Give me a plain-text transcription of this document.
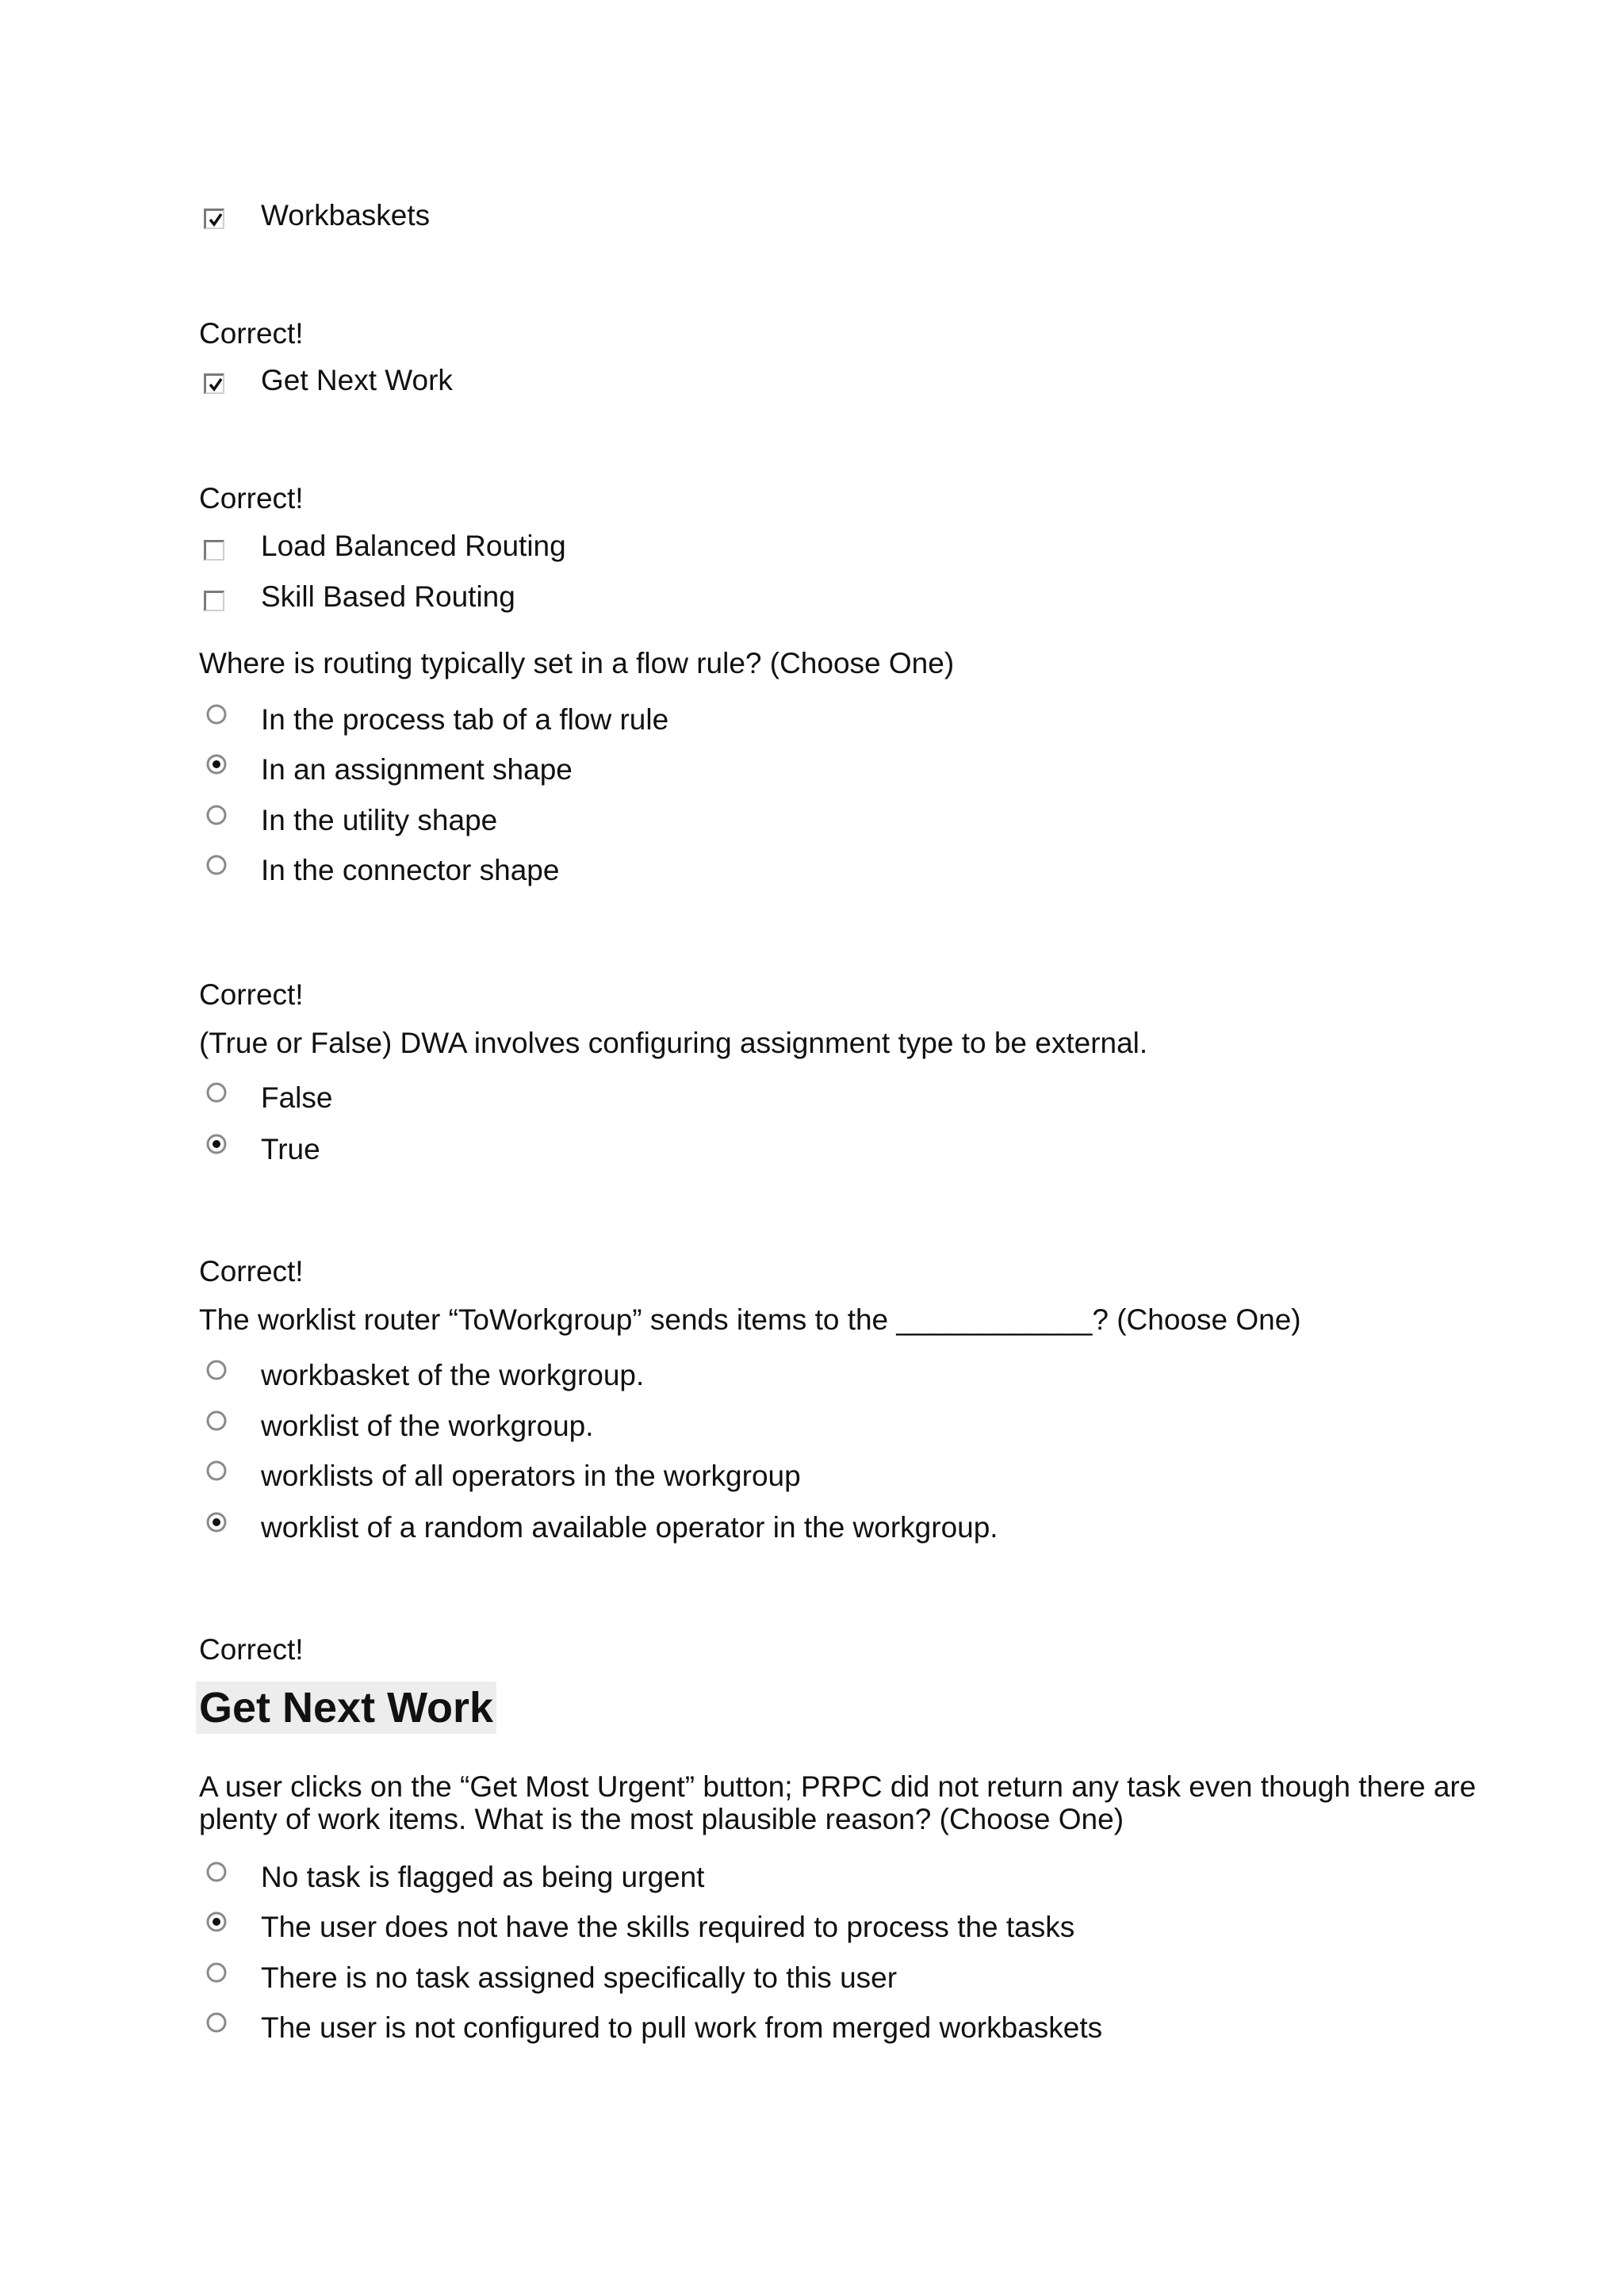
Workbaskets
Correct!
Get Next Work
Correct!
Load Balanced Routing
Skill Based Routing
Where is routing typically set in a flow rule? (Choose One)
In the process tab of a flow rule
In an assignment shape
In the utility shape
In the connector shape
Correct!
(True or False) DWA involves configuring assignment type to be external.
False
True
Correct!
The worklist router “ToWorkgroup” sends items to the ____________? (Choose One)
workbasket of the workgroup.
worklist of the workgroup.
worklists of all operators in the workgroup
worklist of a random available operator in the workgroup.
Correct!
Get Next Work
A user clicks on the “Get Most Urgent” button; PRPC did not return any task even though there are plenty of work items. What is the most plausible reason? (Choose One)
No task is flagged as being urgent
The user does not have the skills required to process the tasks
There is no task assigned specifically to this user
The user is not configured to pull work from merged workbaskets
